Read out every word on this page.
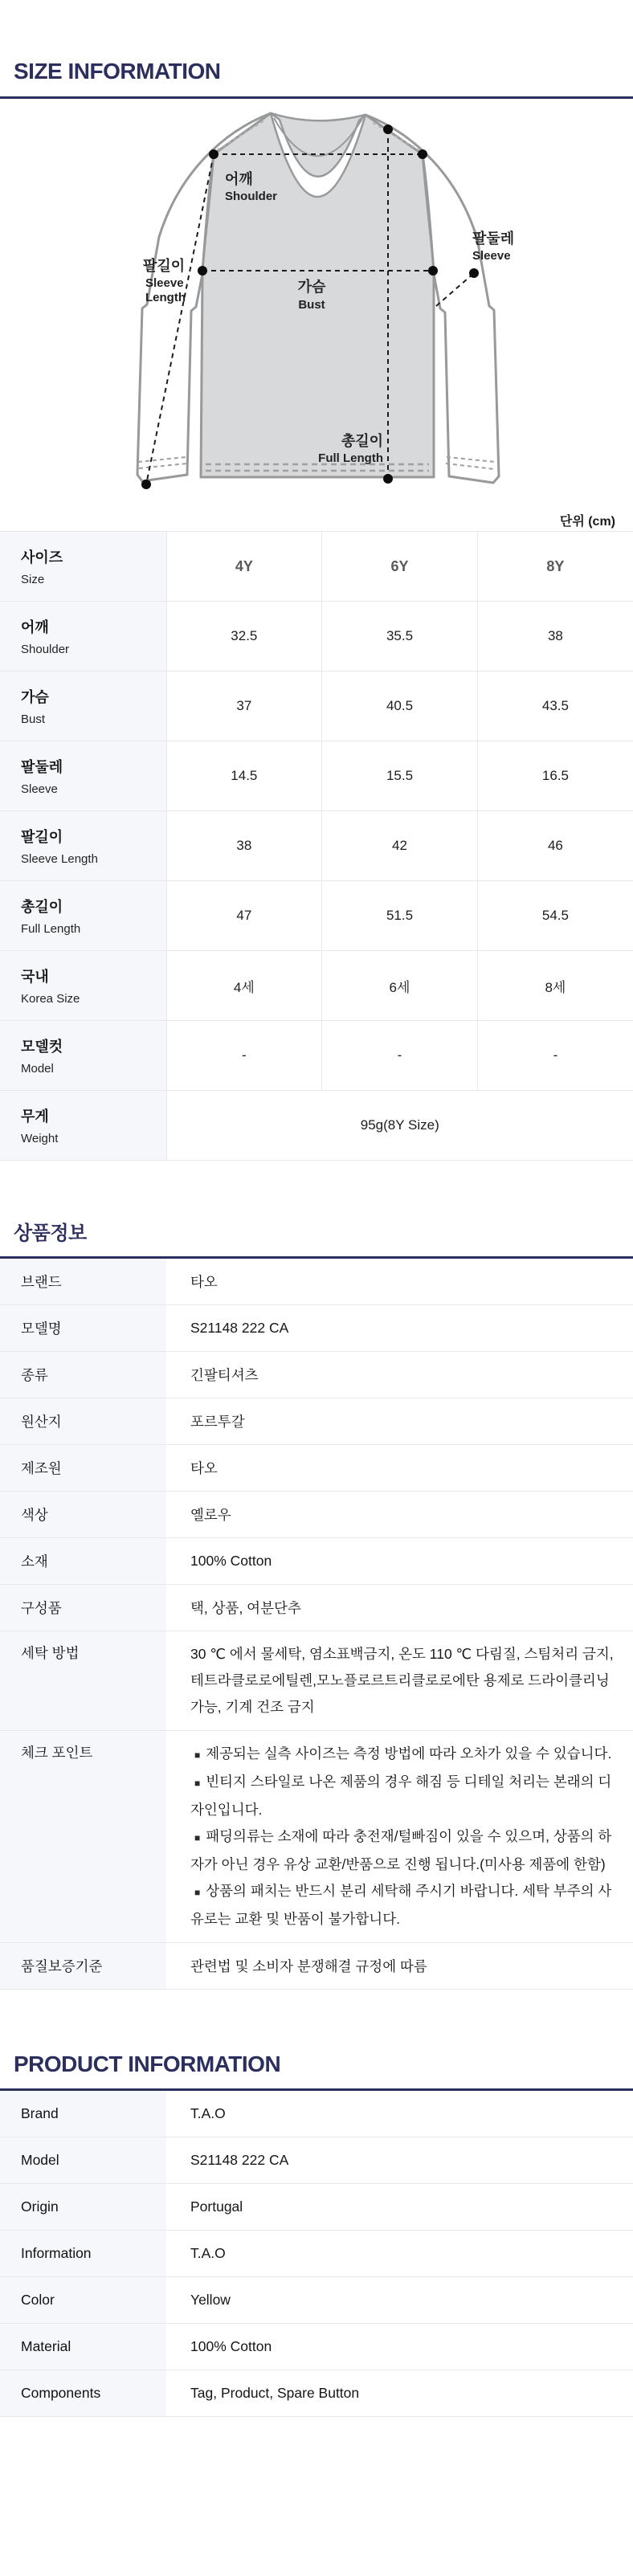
SIZE INFORMATION
어깨
Shoulder
팔둘레
Sleeve
팔길이
Sleeve
Length
가슴
Bust
총길이
Full Length
단위 (cm)
사이즈
Size	4Y	6Y	8Y

어깨
Shoulder	32.5	35.5	38

가슴
Bust	37	40.5	43.5

팔둘레
Sleeve	14.5	15.5	16.5

팔길이
Sleeve Length	38	42	46

총길이
Full Length	47	51.5	54.5

국내
Korea Size	4세	6세	8세

모델컷
Model	-	-	-

무게
Weight	95g(8Y Size)		
상품정보
브랜드	타오
모델명	S21148 222 CA
종류	긴팔티셔츠
원산지	포르투갈
제조원	타오
색상	옐로우
소재	100% Cotton
구성품	택, 상품, 여분단추
세탁 방법	30 ℃ 에서 물세탁, 염소표백금지, 온도 110 ℃ 다림질, 스팀처리 금지, 테트라클로로에틸렌,모노플로르트리클로로에탄 용제로 드라이클리닝 가능, 기계 건조 금지
체크 포인트	■ 제공되는 실측 사이즈는 측정 방법에 따라 오차가 있을 수 있습니다.
■ 빈티지 스타일로 나온 제품의 경우 해짐 등 디테일 처리는 본래의 디자인입니다.
■ 패딩의류는 소재에 따라 충전재/털빠짐이 있을 수 있으며, 상품의 하자가 아닌 경우 유상 교환/반품으로 진행 됩니다.(미사용 제품에 한함)
■ 상품의 패치는 반드시 분리 세탁해 주시기 바랍니다. 세탁 부주의 사유로는 교환 및 반품이 불가합니다.
품질보증기준	관련법 및 소비자 분쟁해결 규정에 따름
PRODUCT INFORMATION
Brand	T.A.O
Model	S21148 222 CA
Origin	Portugal
Information	T.A.O
Color	Yellow
Material	100% Cotton
Components	Tag, Product, Spare Button
